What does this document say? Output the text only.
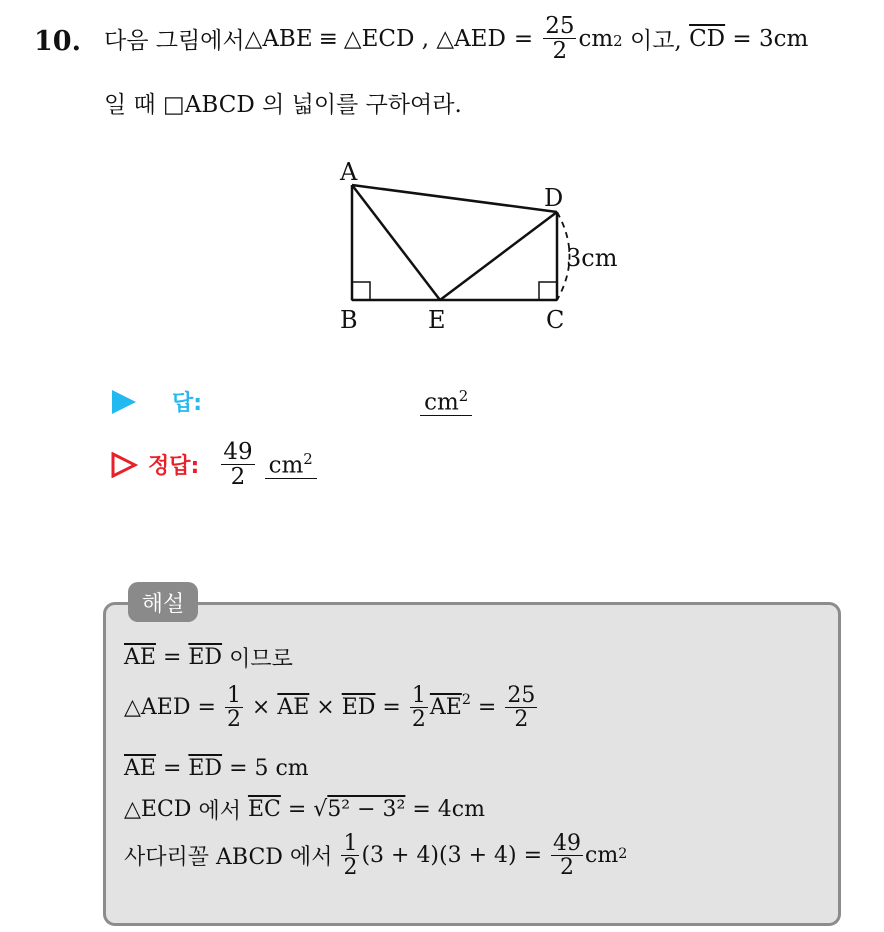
10. 다음 그림에서 △ABE ≡ △ECD , △AED = $\frac{25}{2}$ cm 2 이고, $\overline{CD} = 3cm$
일 때 □ABCD 의 넓이를 구하여라.
A
D
B	E	C
3cm
답:	$cm^2$
정답: $\frac{49}{2} cm^2$
해설
$\overline{AE} = \overline{ED}$ 이므로
△AED = $\frac{1}{2} \times \overline{AE} \times \overline{ED} = \frac{1}{2} \overline{AE}^2 = \frac{25}{2}$
$\overline{AE} = \overline{ED} = 5$ cm
△ECD 에서 $\overline{EC}$ = √ 5² − 3² = 4cm
사다리꼴 ABCD 에서 $\frac{1}{2} (3 + 4)(3 + 4) = \frac{49}{2}$ cm 2
